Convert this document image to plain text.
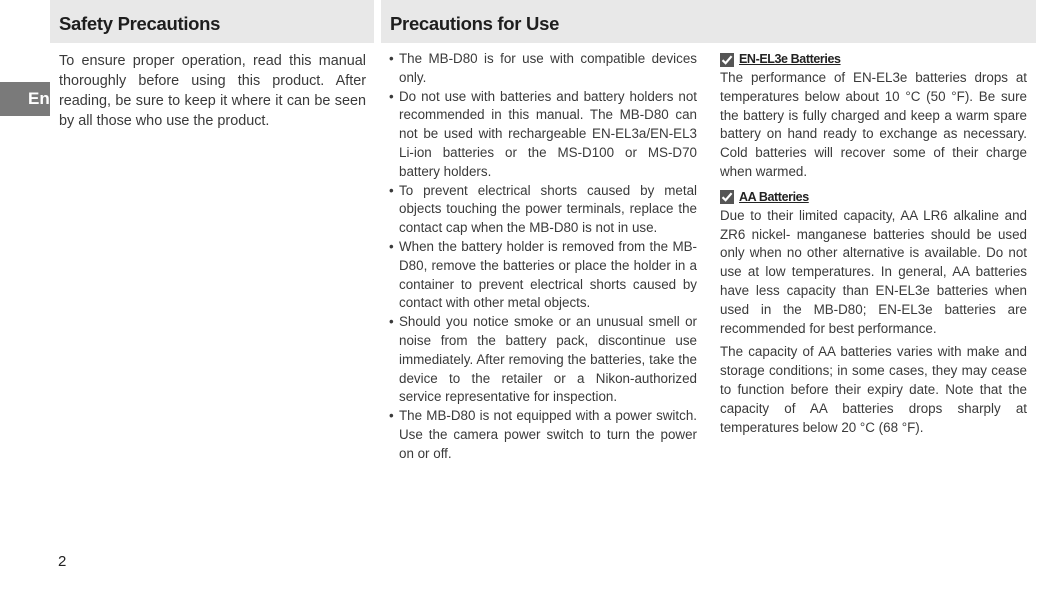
En
Safety Precautions	Precautions for Use
To ensure proper operation, read this manual thoroughly before using this product. After reading, be sure to keep it where it can be seen by all those who use the product.
• The MB-D80 is for use with compatible devices only.
• Do not use with batteries and battery holders not recommended in this manual. The MB-D80 can not be used with rechargeable EN-EL3a/EN-EL3 Li-ion batteries or the MS-D100 or MS-D70 battery holders.
• To prevent electrical shorts caused by metal objects touching the power terminals, replace the contact cap when the MB-D80 is not in use.
• When the battery holder is removed from the MB-D80, remove the batteries or place the holder in a container to prevent electrical shorts caused by contact with other metal objects.
• Should you notice smoke or an unusual smell or noise from the battery pack, discontinue use immediately. After removing the batteries, take the device to the retailer or a Nikon-authorized service representative for inspection.
• The MB-D80 is not equipped with a power switch. Use the camera power switch to turn the power on or off.
EN-EL3e Batteries

The performance of EN-EL3e batteries drops at temperatures below about 10 °C (50 °F). Be sure the battery is fully charged and keep a warm spare battery on hand ready to exchange as necessary. Cold batteries will recover some of their charge when warmed.

AA Batteries

Due to their limited capacity, AA LR6 alkaline and ZR6 nickel- manganese batteries should be used only when no other alternative is available. Do not use at low temperatures. In general, AA batteries have less capacity than EN-EL3e batteries when used in the MB-D80; EN-EL3e batteries are recommended for best performance.

The capacity of AA batteries varies with make and storage conditions; in some cases, they may cease to function before their expiry date. Note that the capacity of AA batteries drops sharply at temperatures below 20 °C (68 °F).

2
